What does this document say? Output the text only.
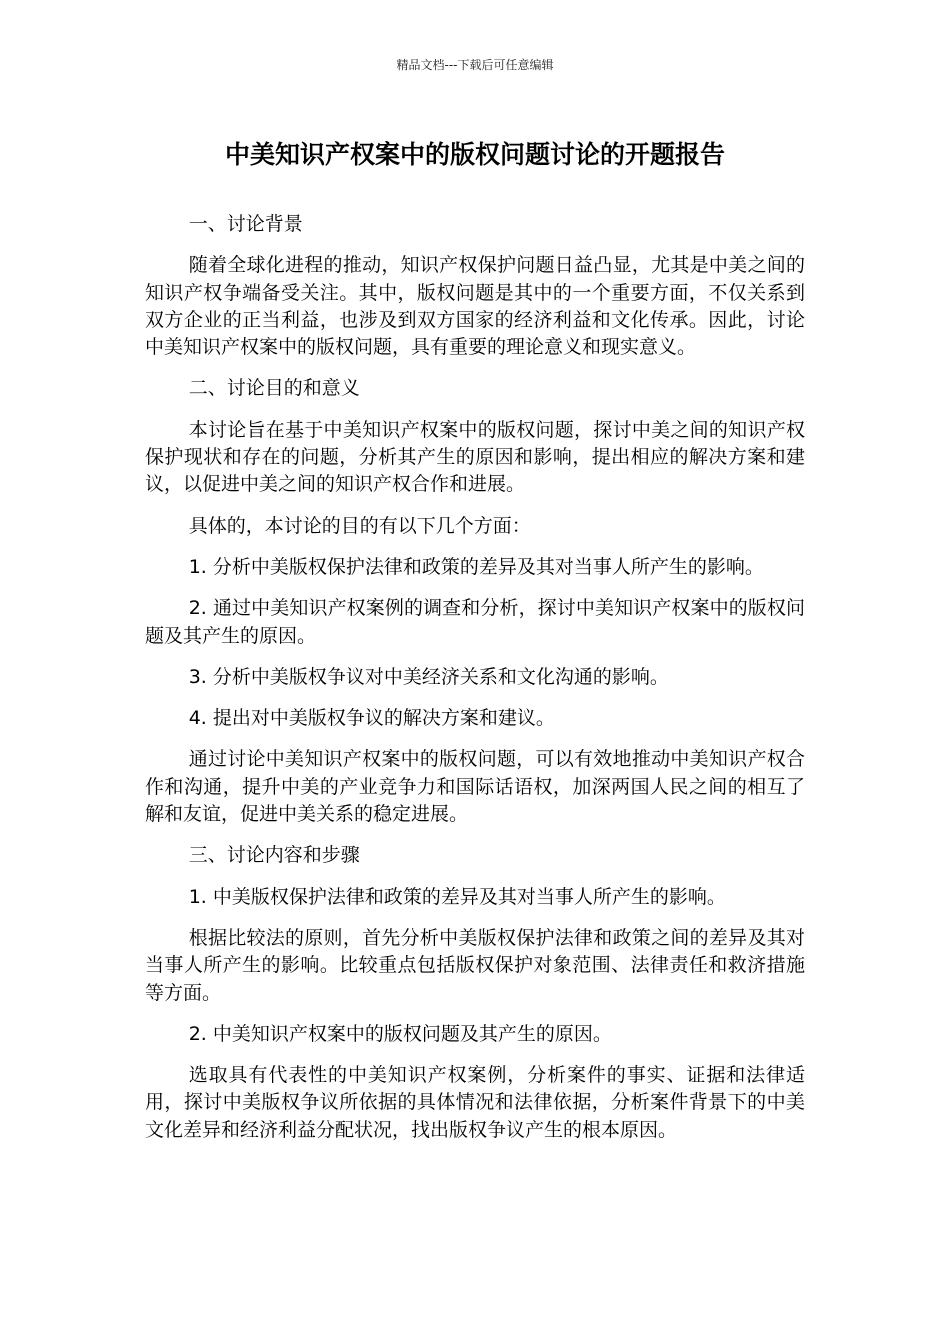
精品文档---下载后可任意编辑
中美知识产权案中的版权问题讨论的开题报告

一、讨论背景

随着全球化进程的推动，知识产权保护问题日益凸显，尤其是中美之间的知识产权争端备受关注。其中，版权问题是其中的一个重要方面，不仅关系到双方企业的正当利益，也涉及到双方国家的经济利益和文化传承。因此，讨论中美知识产权案中的版权问题，具有重要的理论意义和现实意义。

二、讨论目的和意义

本讨论旨在基于中美知识产权案中的版权问题，探讨中美之间的知识产权保护现状和存在的问题，分析其产生的原因和影响，提出相应的解决方案和建议，以促进中美之间的知识产权合作和进展。

具体的，本讨论的目的有以下几个方面：

1. 分析中美版权保护法律和政策的差异及其对当事人所产生的影响。

2. 通过中美知识产权案例的调查和分析，探讨中美知识产权案中的版权问题及其产生的原因。

3. 分析中美版权争议对中美经济关系和文化沟通的影响。

4. 提出对中美版权争议的解决方案和建议。

通过讨论中美知识产权案中的版权问题，可以有效地推动中美知识产权合作和沟通，提升中美的产业竞争力和国际话语权，加深两国人民之间的相互了解和友谊，促进中美关系的稳定进展。

三、讨论内容和步骤

1. 中美版权保护法律和政策的差异及其对当事人所产生的影响。

根据比较法的原则，首先分析中美版权保护法律和政策之间的差异及其对当事人所产生的影响。比较重点包括版权保护对象范围、法律责任和救济措施等方面。

2. 中美知识产权案中的版权问题及其产生的原因。

选取具有代表性的中美知识产权案例，分析案件的事实、证据和法律适用，探讨中美版权争议所依据的具体情况和法律依据，分析案件背景下的中美文化差异和经济利益分配状况，找出版权争议产生的根本原因。
